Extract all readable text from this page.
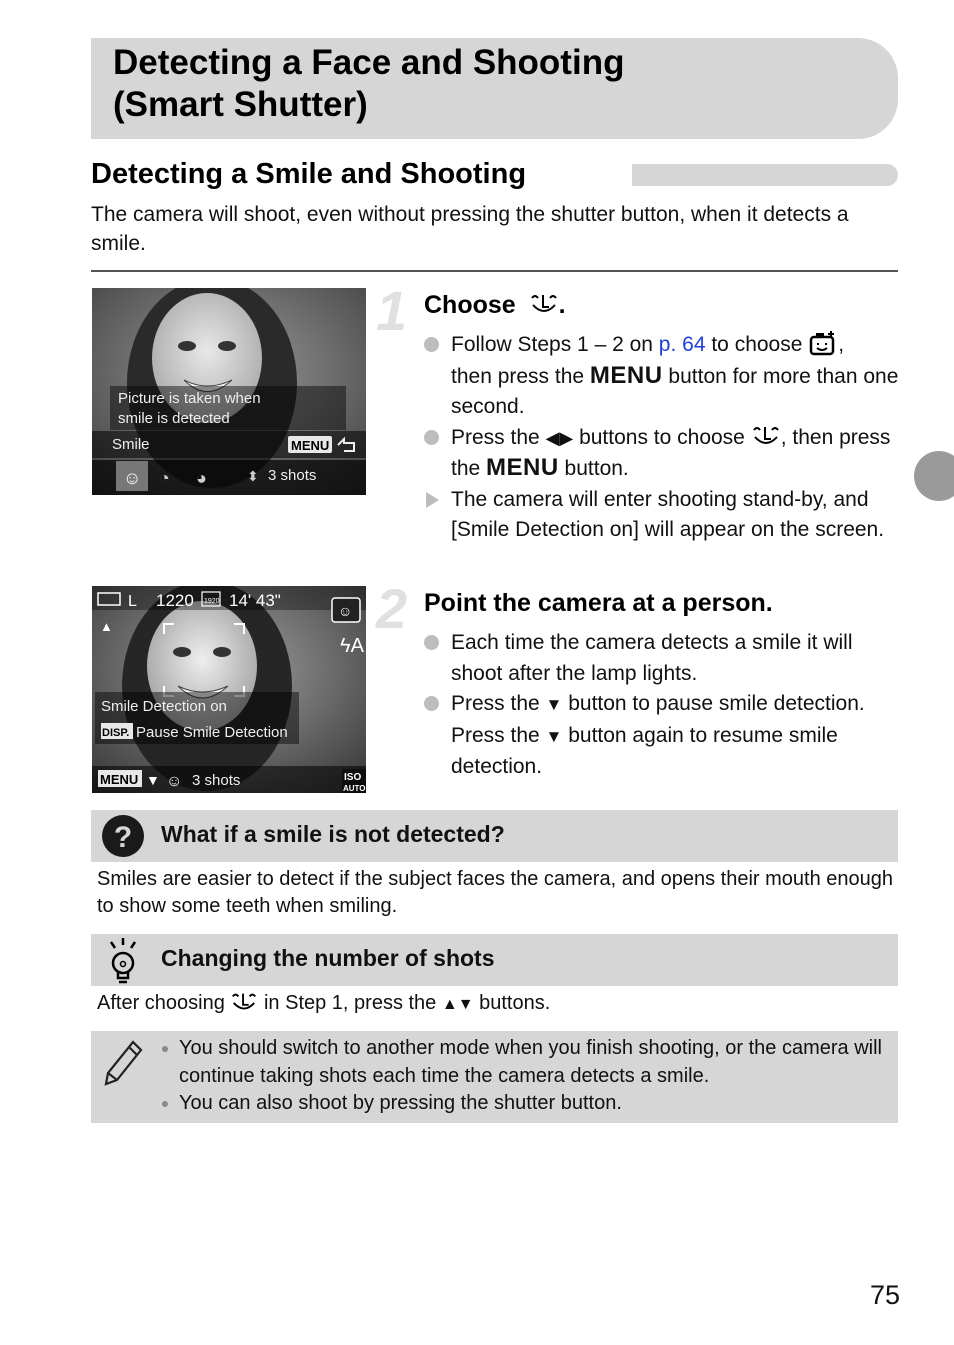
Detecting a Face and Shooting
(Smart Shutter)
Detecting a Smile and Shooting
The camera will shoot, even without pressing the shutter button, when it detects a smile.
Picture is taken when
smile is detected
Smile	MENU
☺ ◔ ◕	⬍ 3 shots
1 Choose .
Follow Steps 1 – 2 on p. 64 to choose ,
then press the MENU button for more than one second.
Press the ◀▶ buttons to choose , then press the MENU button.
The camera will enter shooting stand-by, and [Smile Detection on] will appear on the screen.
L 1220 1920 14' 43"
☺
ϟA
▲
Smile Detection on
DISP. Pause Smile Detection
MENU ▼ ☺ 3 shots	ISO
AUTO
2 Point the camera at a person.
Each time the camera detects a smile it will shoot after the lamp lights.
Press the ▼ button to pause smile detection. Press the ▼ button again to resume smile detection.
? What if a smile is not detected?
Smiles are easier to detect if the subject faces the camera, and opens their mouth enough to show some teeth when smiling.
Changing the number of shots
After choosing  in Step 1, press the ▲▼ buttons.
You should switch to another mode when you finish shooting, or the camera will continue taking shots each time the camera detects a smile.
You can also shoot by pressing the shutter button.
75
